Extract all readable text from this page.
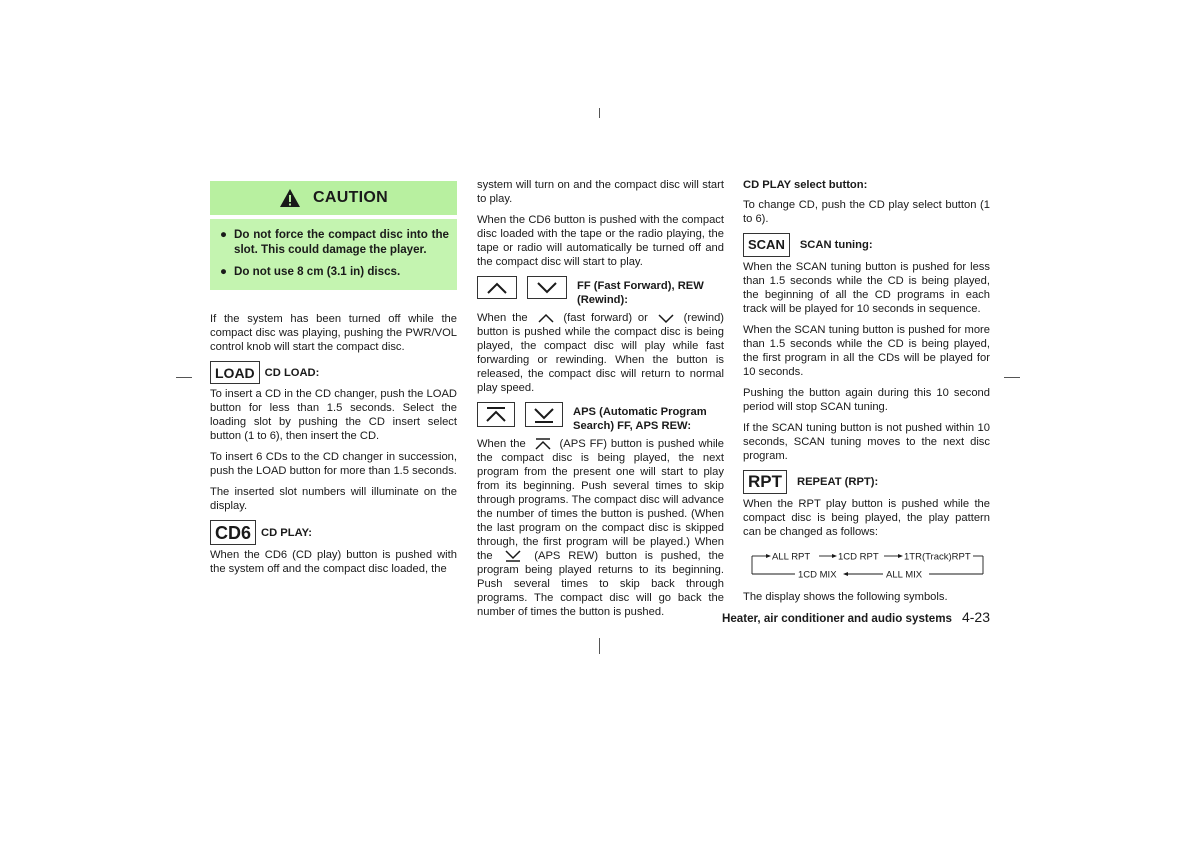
CAUTION
● Do not force the compact disc into the slot. This could damage the player.
● Do not use 8 cm (3.1 in) discs.

If the system has been turned off while the compact disc was playing, pushing the PWR/VOL control knob will start the compact disc.

LOAD CD LOAD:

To insert a CD in the CD changer, push the LOAD button for less than 1.5 seconds. Select the loading slot by pushing the CD insert select button (1 to 6), then insert the CD.

To insert 6 CDs to the CD changer in succession, push the LOAD button for more than 1.5 seconds.

The inserted slot numbers will illuminate on the display.

CD6 CD PLAY:

When the CD6 (CD play) button is pushed with the system off and the compact disc loaded, the

system will turn on and the compact disc will start to play.

When the CD6 button is pushed with the compact disc loaded with the tape or the radio playing, the tape or radio will automatically be turned off and the compact disc will start to play.

FF (Fast Forward), REW (Rewind):

When the	(fast forward) or	(rewind) button is pushed while the compact disc is being played, the compact disc will play while fast forwarding or rewinding. When the button is released, the compact disc will return to normal play speed.

APS (Automatic Program Search) FF, APS REW:

When the	(APS FF) button is pushed while the compact disc is being played, the next program from the present one will start to play from its beginning. Push several times to skip through programs. The compact disc will advance the number of times the button is pushed. (When the last program on the compact disc is skipped through, the first program will be played.) When the	(APS REW) button is pushed, the program being played returns to its beginning. Push several times to skip back through programs. The compact disc will go back the number of times the button is pushed.

CD PLAY select button:

To change CD, push the CD play select button (1 to 6).

SCAN	SCAN tuning:

When the SCAN tuning button is pushed for less than 1.5 seconds while the CD is being played, the beginning of all the CD programs in each track will be played for 10 seconds in sequence.

When the SCAN tuning button is pushed for more than 1.5 seconds while the CD is being played, the first program in all the CDs will be played for 10 seconds.

Pushing the button again during this 10 second period will stop SCAN tuning.

If the SCAN tuning button is not pushed within 10 seconds, SCAN tuning moves to the next disc program.

RPT	REPEAT (RPT):

When the RPT play button is pushed while the compact disc is being played, the play pattern can be changed as follows:

ALL RPT	1CD RPT	1TR(Track)RPT
1CD MIX	ALL MIX

The display shows the following symbols.

Heater, air conditioner and audio systems 4-23
